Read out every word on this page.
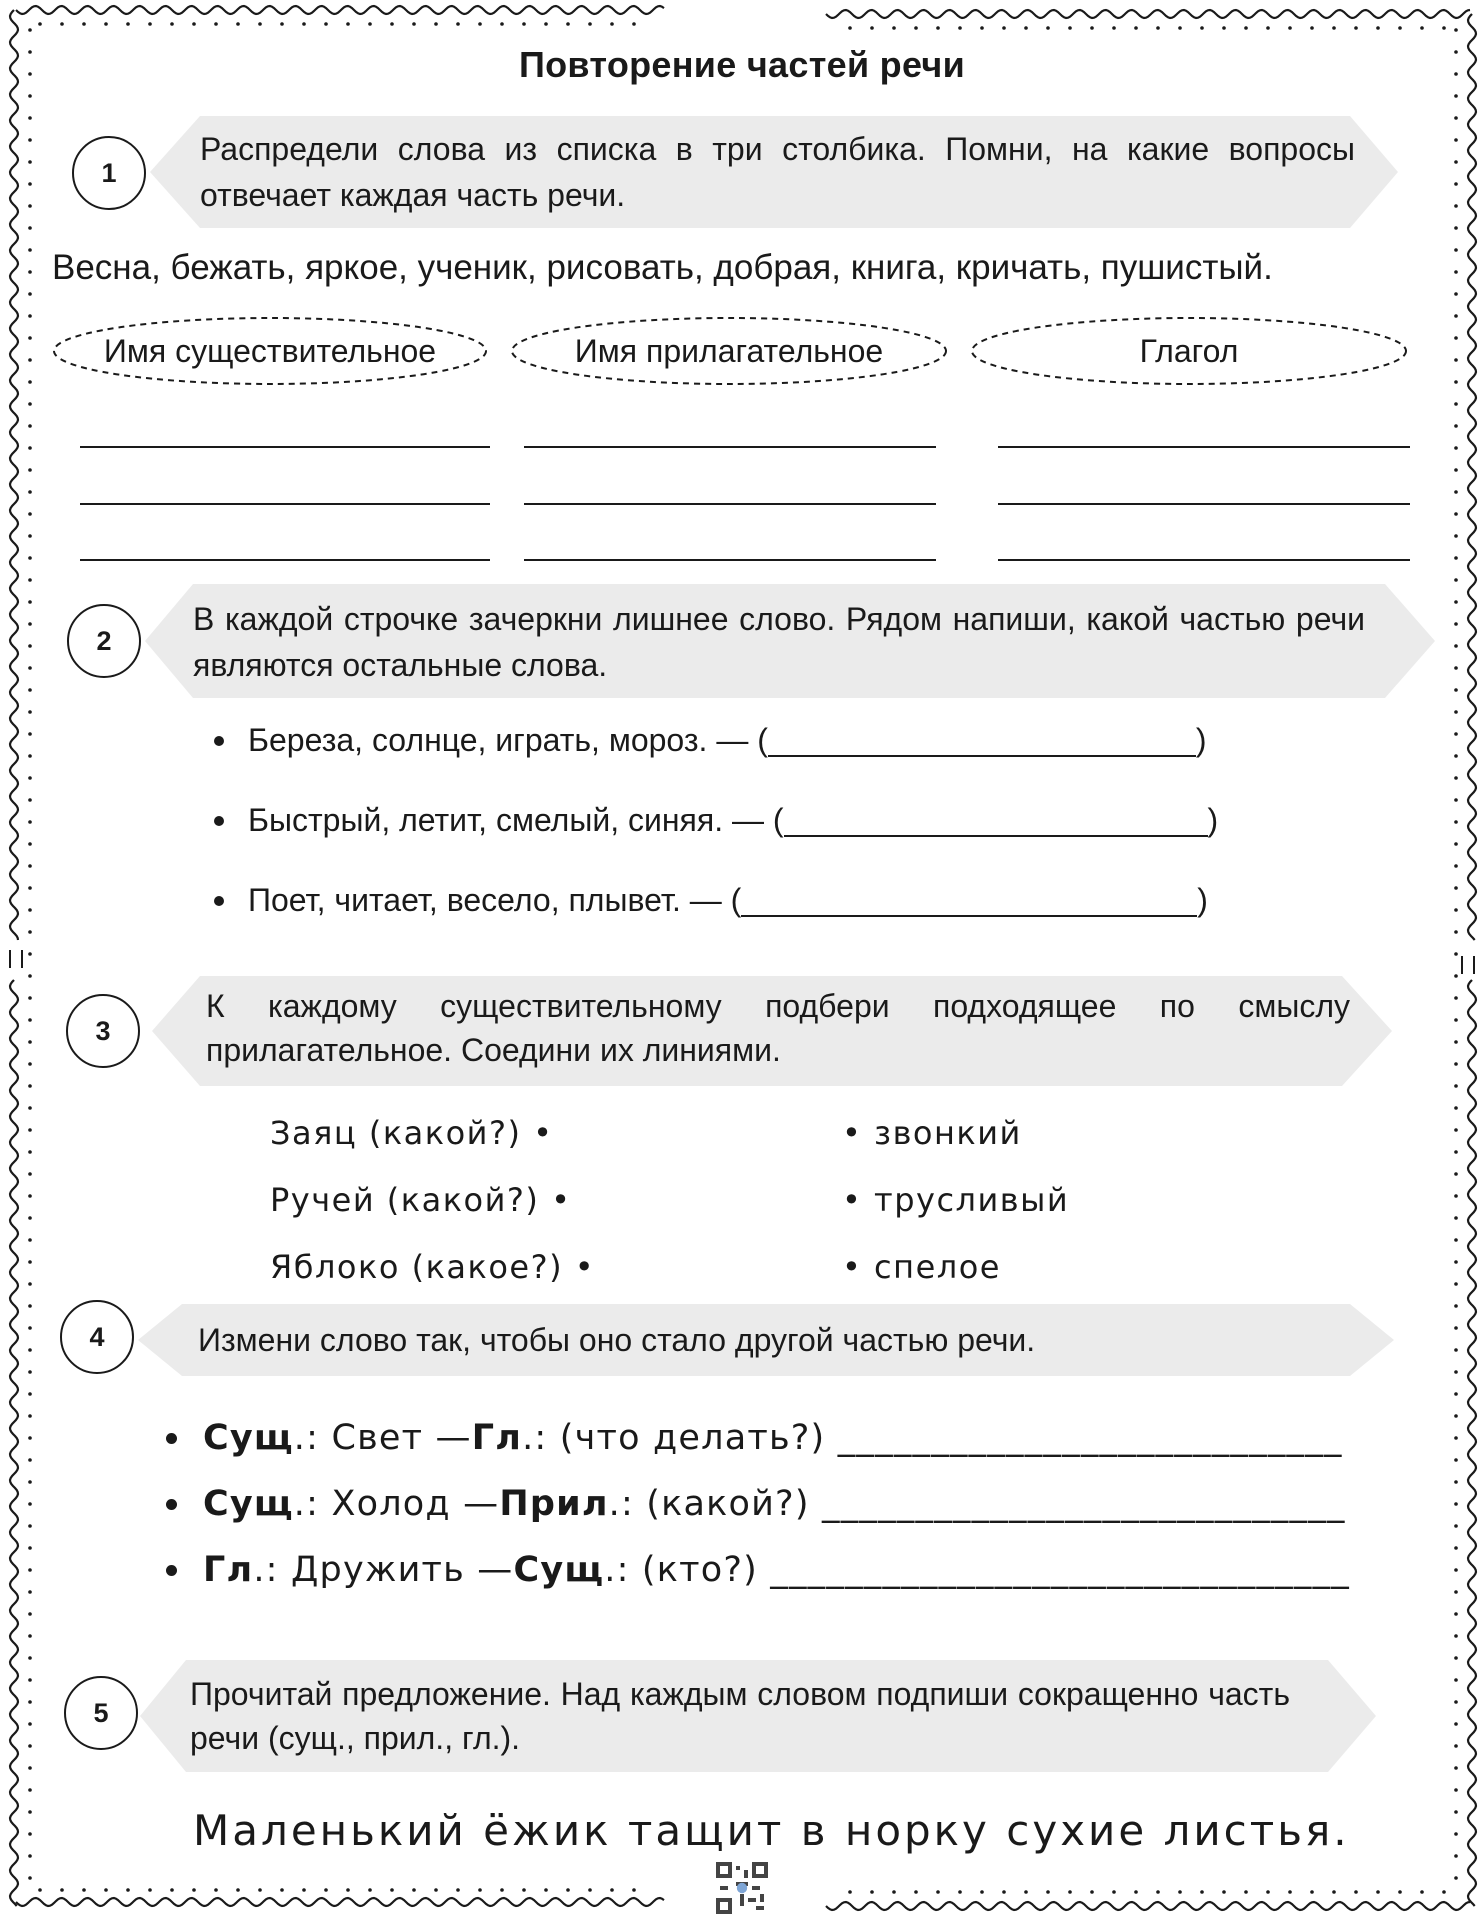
Повторение частей речи
1
Распредели слова из списка в три столбика. Помни, на какие вопросы отвечает каждая часть речи.
Весна, бежать, яркое, ученик, рисовать, добрая, книга, кричать, пушистый.
Имя существительное	Имя прилагательное	Глагол
2
В каждой строчке зачеркни лишнее слово. Рядом напиши, какой частью речи являются остальные слова.
Береза, солнце, играть, мороз. — (	)
Быстрый, летит, смелый, синяя. — (	)
Поет, читает, весело, плывет. — (	)
3
К каждому существительному подбери подходящее по смыслу прилагательное. Соедини их линиями.
Заяц (какой?) •
Ручей (какой?) •
Яблоко (какое?) •
• звонкий
• трусливый
• спелое
4	Измени слово так, чтобы оно стало другой частью речи.
Сущ .: Свет — Гл .: (что делать?) ___________________________
Сущ .: Холод — Прил .: (какой?) ____________________________
Гл .: Дружить — Сущ .: (кто?) _______________________________
5
Прочитай предложение. Над каждым словом подпиши сокращенно часть речи (сущ., прил., гл.).
Маленький ёжик тащит в норку сухие листья.
